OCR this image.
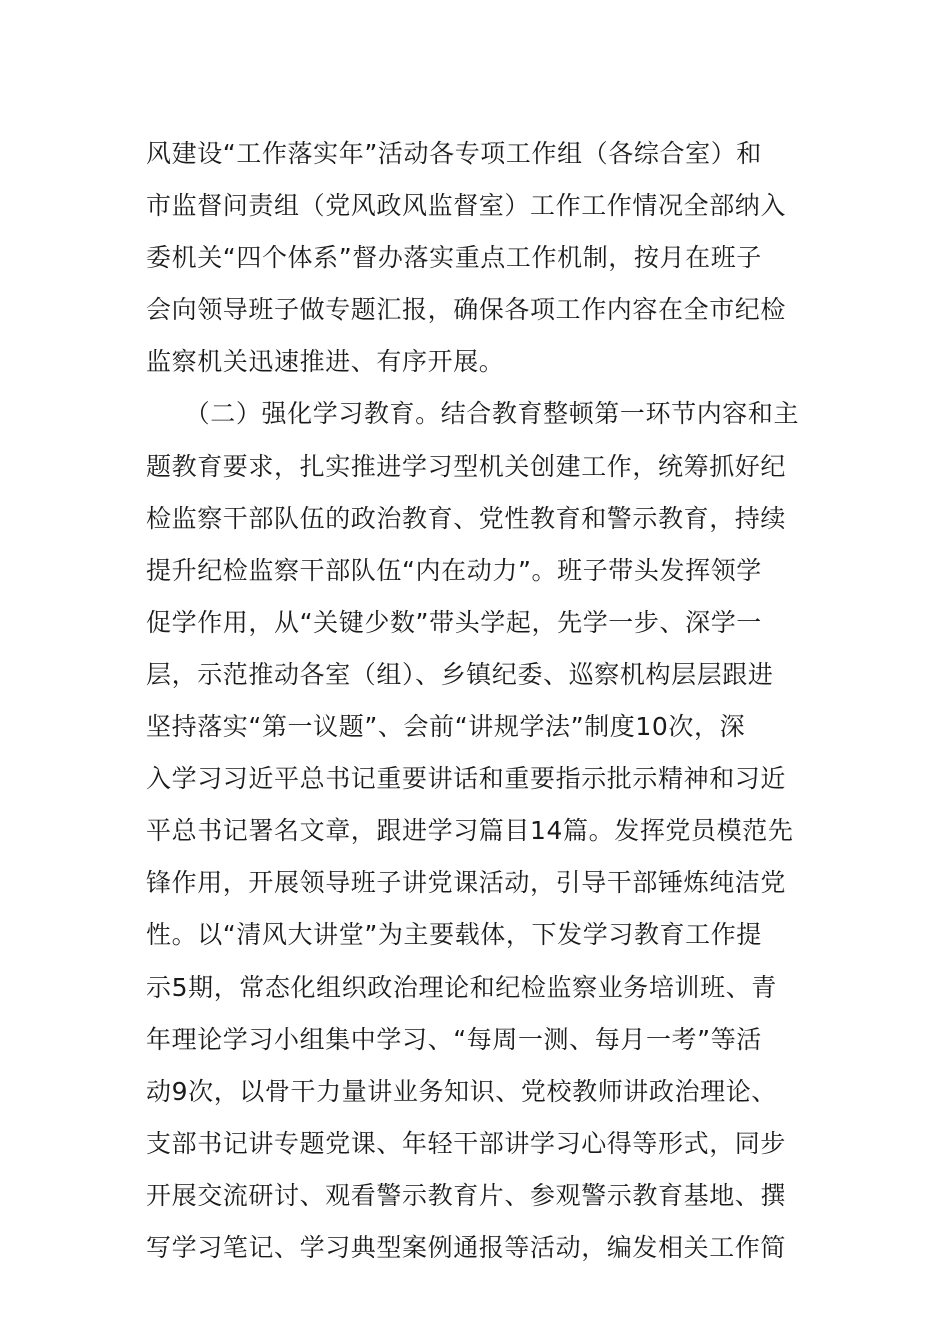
风建设“工作落实年”活动各专项工作组（各综合室）和
市监督问责组（党风政风监督室）工作工作情况全部纳入
委机关“四个体系”督办落实重点工作机制，按月在班子
会向领导班子做专题汇报，确保各项工作内容在全市纪检
监察机关迅速推进、有序开展。
　　（二）强化学习教育。结合教育整顿第一环节内容和主
题教育要求，扎实推进学习型机关创建工作，统筹抓好纪
检监察干部队伍的政治教育、党性教育和警示教育，持续
提升纪检监察干部队伍“内在动力”。班子带头发挥领学
促学作用，从“关键少数”带头学起，先学一步、深学一
层，示范推动各室（组）、乡镇纪委、巡察机构层层跟进
坚持落实“第一议题”、会前“讲规学法”制度10次，深
入学习习近平总书记重要讲话和重要指示批示精神和习近
平总书记署名文章，跟进学习篇目14篇。发挥党员模范先
锋作用，开展领导班子讲党课活动，引导干部锤炼纯洁党
性。以“清风大讲堂”为主要载体，下发学习教育工作提
示5期，常态化组织政治理论和纪检监察业务培训班、青
年理论学习小组集中学习、“每周一测、每月一考”等活
动9次，以骨干力量讲业务知识、党校教师讲政治理论、
支部书记讲专题党课、年轻干部讲学习心得等形式，同步
开展交流研讨、观看警示教育片、参观警示教育基地、撰
写学习笔记、学习典型案例通报等活动，编发相关工作简
